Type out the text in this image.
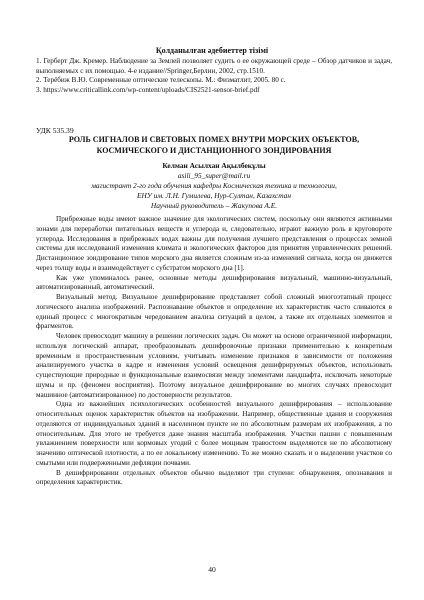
Қолданылған әдебиеттер тізімі

1. Герберт Дж. Кремер. Наблюдение за Землей позволяет судить о ее окружающей среде – Обзор датчиков и задач, выполняемых с их помощью. 4-е издание//Springer,Берлин, 2002, стр.1510.

2. Терёбиж В.Ю. Современные оптические телескопы. М.: Физматлит, 2005. 80 с.

3. https://www.criticallink.com/wp-content/uploads/CIS2521-sensor-brief.pdf

УДК 535.39
РОЛЬ СИГНАЛОВ И СВЕТОВЫХ ПОМЕХ ВНУТРИ МОРСКИХ ОБЪЕКТОВ, КОСМИЧЕСКОГО И ДИСТАНЦИОННОГО ЗОНДИРОВАНИЯ
Келман Асылхан Ақылбекұлы
asili_95_super@mail.ru
магистрант 2-го года обучения кафедры Космическая техника и технологии,
ЕНУ им. Л.Н. Гумилева, Нур-Султан, Казахстан
Научный руководитель – Жакупова А.Е.

Прибрежные воды имеют важное значение для экологических систем, поскольку они являются активными зонами для переработки питательных веществ и углерода и, следовательно, играют важную роль в круговороте углерода. Исследования в прибрежных водах важны для получения лучшего представления о процессах земной системы для исследований изменения климата и экологических факторов для принятия управленческих решений. Дистанционное зондирование типов морского дна является сложным из-за изменений сигнала, когда он движется через толщу воды и взаимодействует с субстратом морского дна [1].

Как уже упоминалось ранее, основные методы дешифрирования визуальный, машинно-визуальный, автоматизированный, автоматический.

Визуальный метод. Визуальное дешифрирование представляет собой сложный многоэтапный процесс логического анализа изображений. Распознавание объектов и определение их характеристик часто сливаются в единый процесс с многократным чередованием анализа ситуаций в целом, а также их отдельных элементов и фрагментов.

Человек превосходит машину в решении логических задач. Он может на основе ограниченной информации, используя логический аппарат, преобразовывать дешифровочные признаки применительно к конкретным временным и пространственным условиям, учитывать изменение признаков в зависимости от положения анализируемого участка в кадре и изменения условий освещения дешифрируемых объектов, использовать существующие природные и функциональные взаимосвязи между элементами ландшафта, исключать некоторые шумы и пр. (феномен восприятия). Поэтому визуальное дешифрирование во многих случаях превосходит машинное (автоматизированное) по достоверности результатов.

Одна из важнейших психологических особенностей визуального дешифрирования – использование относительных оценок характеристик объектов на изображении. Например, общественные здания и сооружения отделяются от индивидуальных зданий в населенном пункте не по абсолютным размерам их изображения, а по относительным. Для этого не требуется даже знания масштаба изображения. Участки пашни с повышенным увлажнением поверхности или кормовых угодий с более мощным травостоем выделяются не по абсолютному значению оптической плотности, а по ее локальному изменению. То же можно сказать и о выделении участков со смытыми или подверженными дефляции почвами.

В дешифрировании отдельных объектов обычно выделяют три ступени: обнаружения, опознавания и определения характеристик.

40
